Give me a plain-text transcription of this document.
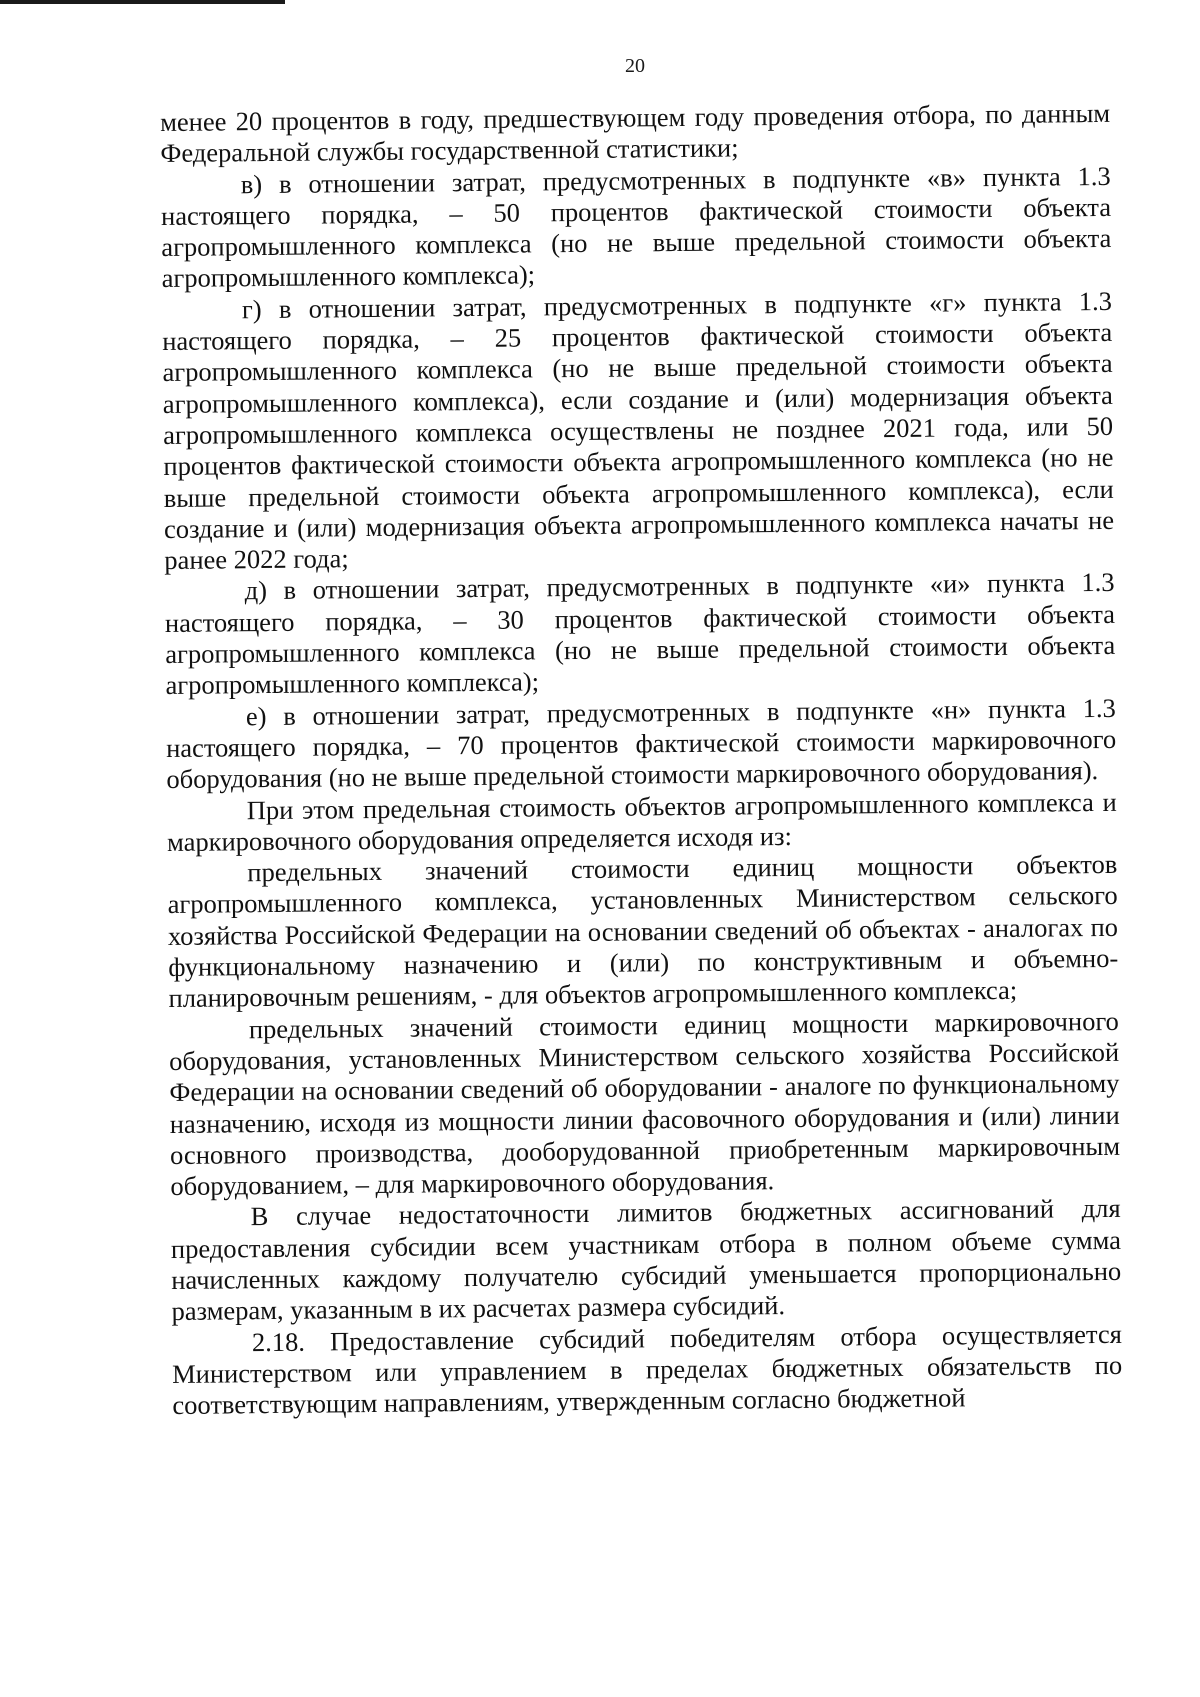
20

менее 20 процентов в году, предшествующем году проведения отбора, по данным Федеральной службы государственной статистики;

в) в отношении затрат, предусмотренных в подпункте «в» пункта 1.3 настоящего порядка, – 50 процентов фактической стоимости объекта агропромышленного комплекса (но не выше предельной стоимости объекта агропромышленного комплекса);

г) в отношении затрат, предусмотренных в подпункте «г» пункта 1.3 настоящего порядка, – 25 процентов фактической стоимости объекта агропромышленного комплекса (но не выше предельной стоимости объекта агропромышленного комплекса), если создание и (или) модернизация объекта агропромышленного комплекса осуществлены не позднее 2021 года, или 50 процентов фактической стоимости объекта агропромышленного комплекса (но не выше предельной стоимости объекта агропромышленного комплекса), если создание и (или) модернизация объекта агропромышленного комплекса начаты не ранее 2022 года;

д) в отношении затрат, предусмотренных в подпункте «и» пункта 1.3 настоящего порядка, – 30 процентов фактической стоимости объекта агропромышленного комплекса (но не выше предельной стоимости объекта агропромышленного комплекса);

е) в отношении затрат, предусмотренных в подпункте «н» пункта 1.3 настоящего порядка, – 70 процентов фактической стоимости маркировочного оборудования (но не выше предельной стоимости маркировочного оборудования).

При этом предельная стоимость объектов агропромышленного комплекса и маркировочного оборудования определяется исходя из:

предельных значений стоимости единиц мощности объектов агропромышленного комплекса, установленных Министерством сельского хозяйства Российской Федерации на основании сведений об объектах - аналогах по функциональному назначению и (или) по конструктивным и объемно-планировочным решениям, - для объектов агропромышленного комплекса;

предельных значений стоимости единиц мощности маркировочного оборудования, установленных Министерством сельского хозяйства Российской Федерации на основании сведений об оборудовании - аналоге по функциональному назначению, исходя из мощности линии фасовочного оборудования и (или) линии основного производства, дооборудованной приобретенным маркировочным оборудованием, – для маркировочного оборудования.

В случае недостаточности лимитов бюджетных ассигнований для предоставления субсидии всем участникам отбора в полном объеме сумма начисленных каждому получателю субсидий уменьшается пропорционально размерам, указанным в их расчетах размера субсидий.

2.18. Предоставление субсидий победителям отбора осуществляется Министерством или управлением в пределах бюджетных обязательств по соответствующим направлениям, утвержденным согласно бюджетной
